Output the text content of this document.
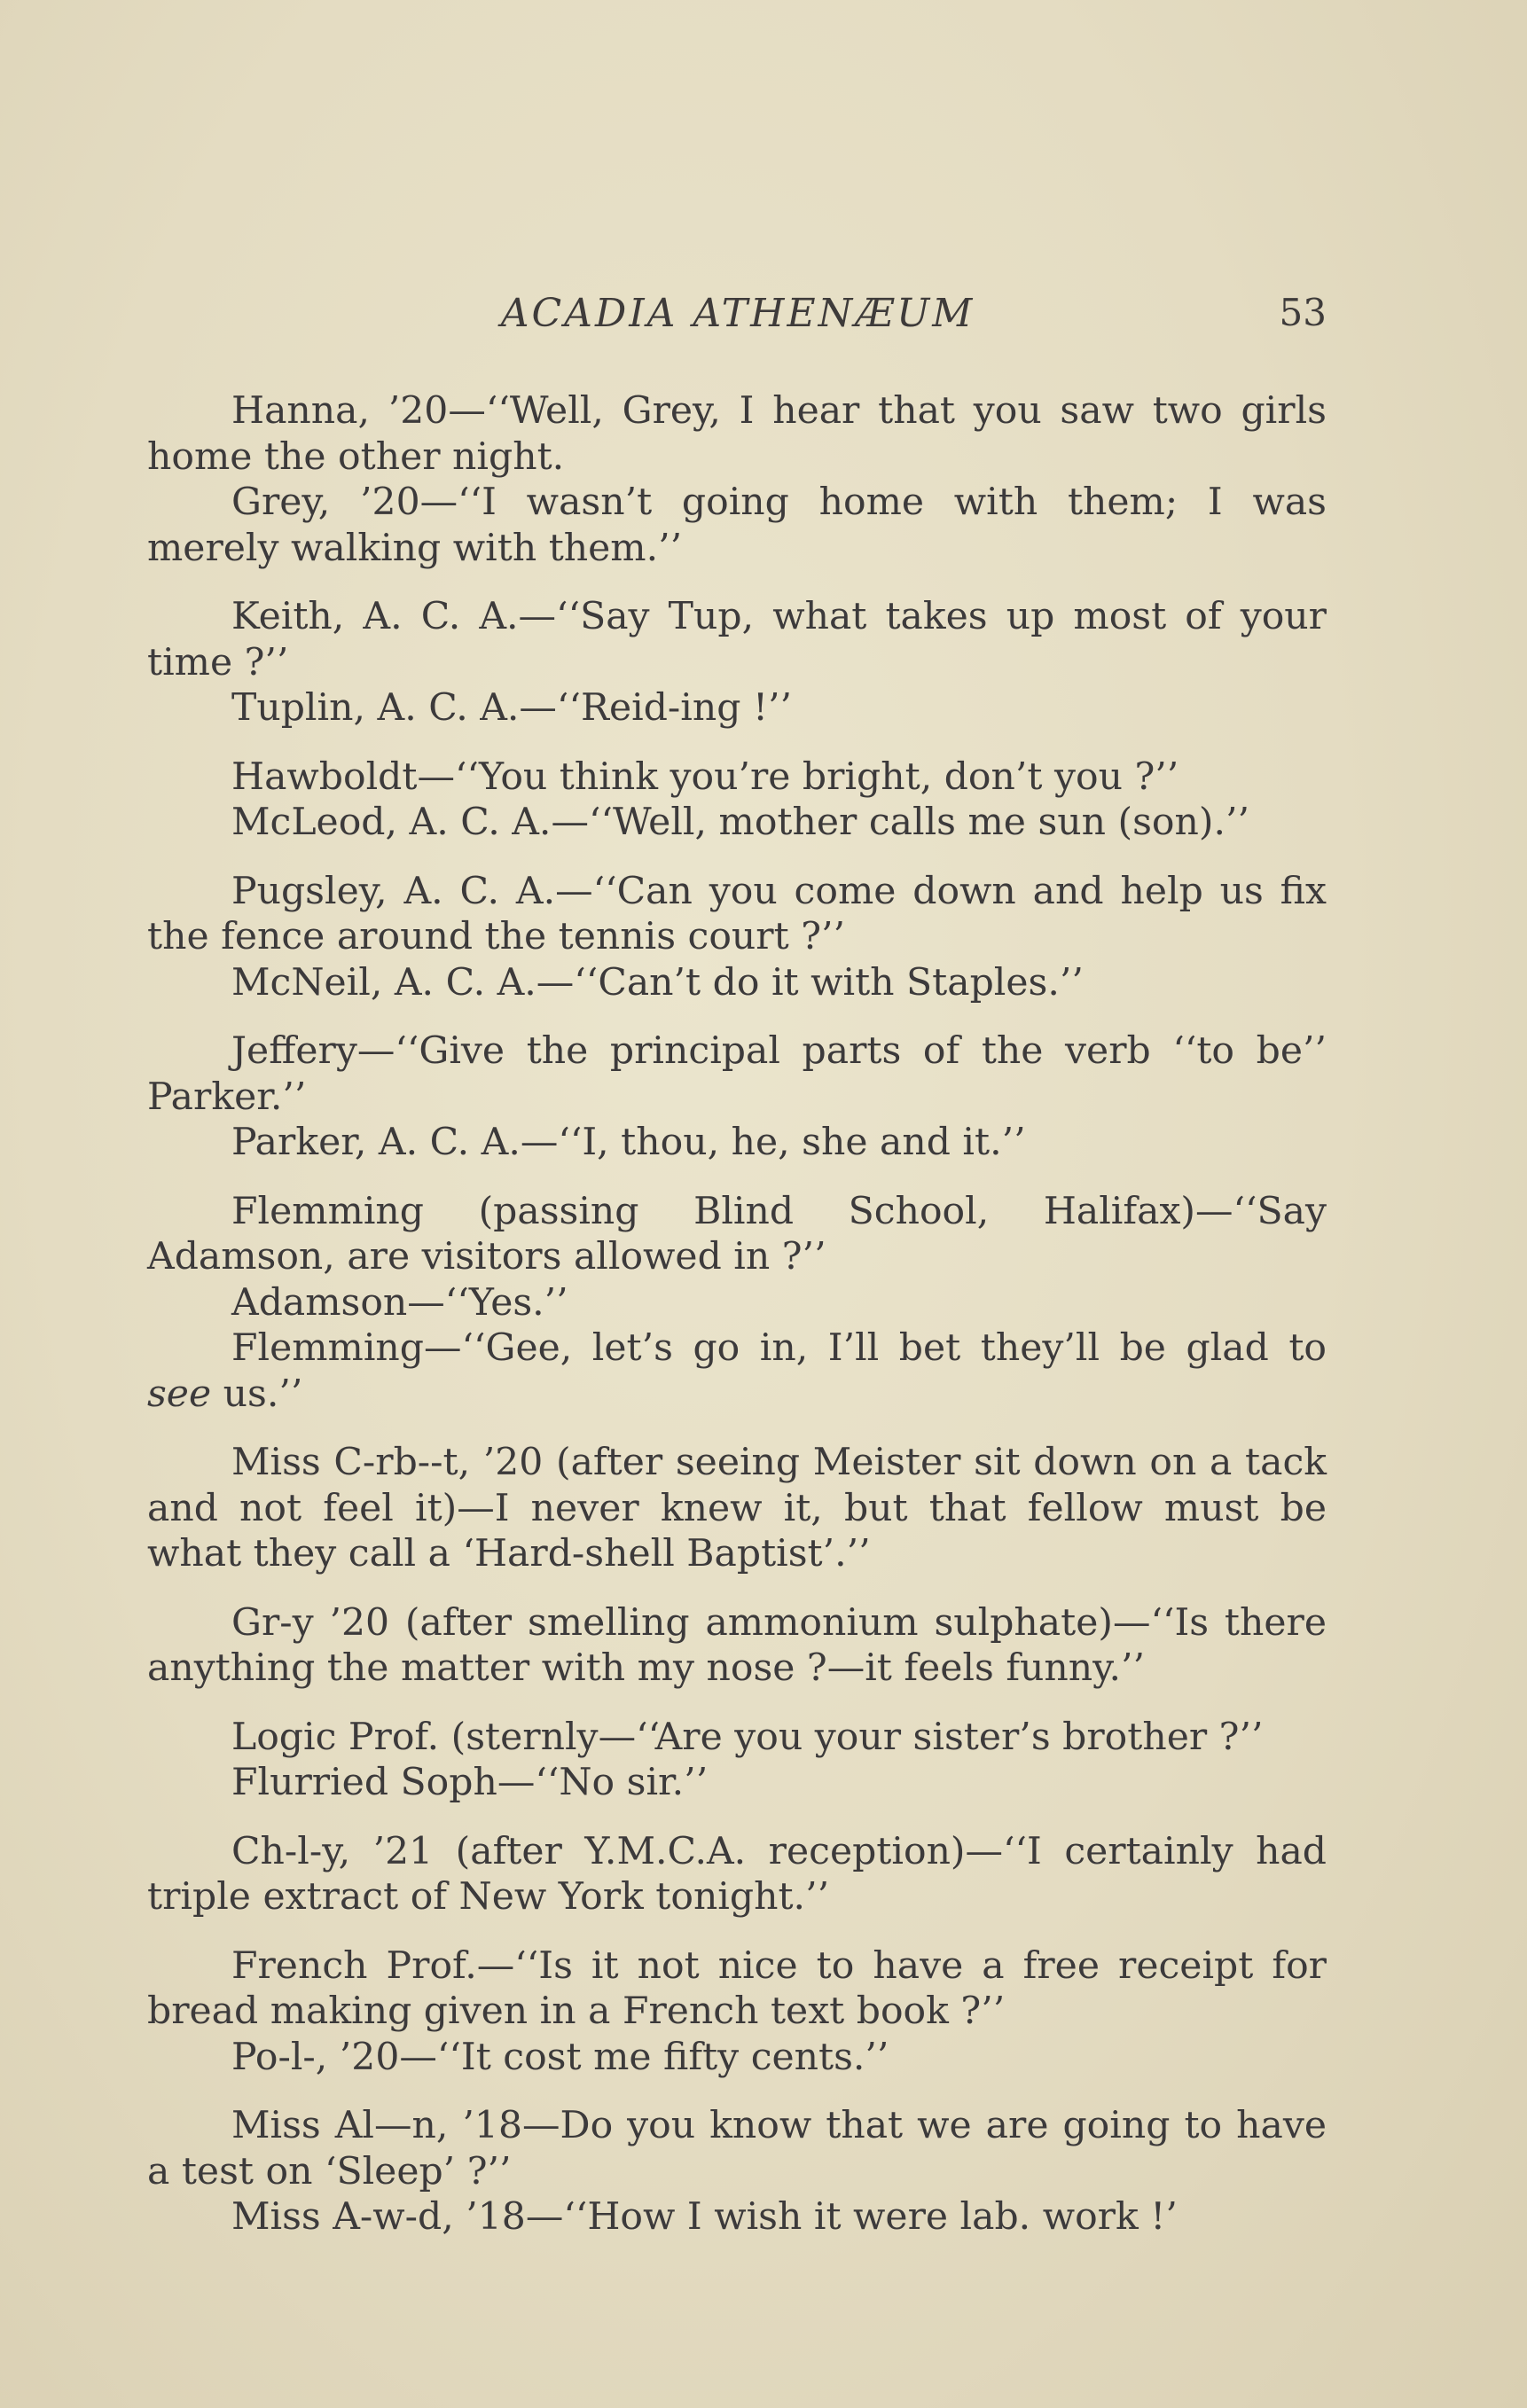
ACADIA ATHENÆUM	53

Hanna, ’20—‘‘Well, Grey, I hear that you saw two girls home the other night.

Grey, ’20—‘‘I wasn’t going home with them; I was merely walking with them.’’

Keith, A. C. A.—‘‘Say Tup, what takes up most of your time ?’’

Tuplin, A. C. A.—‘‘Reid-ing !’’

Hawboldt—‘‘You think you’re bright, don’t you ?’’

McLeod, A. C. A.—‘‘Well, mother calls me sun (son).’’

Pugsley, A. C. A.—‘‘Can you come down and help us fix the fence around the tennis court ?’’

McNeil, A. C. A.—‘‘Can’t do it with Staples.’’

Jeffery—‘‘Give the principal parts of the verb ‘‘to be’’ Parker.’’

Parker, A. C. A.—‘‘I, thou, he, she and it.’’

Flemming (passing Blind School, Halifax)—‘‘Say Adamson, are visitors allowed in ?’’

Adamson—‘‘Yes.’’

Flemming—‘‘Gee, let’s go in, I’ll bet they’ll be glad to see us.’’

Miss C-rb--t, ’20 (after seeing Meister sit down on a tack and not feel it)—I never knew it, but that fellow must be what they call a ‘Hard-shell Baptist’.’’

Gr-y ’20 (after smelling ammonium sulphate)—‘‘Is there anything the matter with my nose ?—it feels funny.’’

Logic Prof. (sternly—‘‘Are you your sister’s brother ?’’

Flurried Soph—‘‘No sir.’’

Ch-l-y, ’21 (after Y.M.C.A. reception)—‘‘I certainly had triple extract of New York tonight.’’

French Prof.—‘‘Is it not nice to have a free receipt for bread making given in a French text book ?’’

Po-l-, ’20—‘‘It cost me fifty cents.’’

Miss Al—n, ’18—Do you know that we are going to have a test on ‘Sleep’ ?’’

Miss A-w-d, ’18—‘‘How I wish it were lab. work !’
